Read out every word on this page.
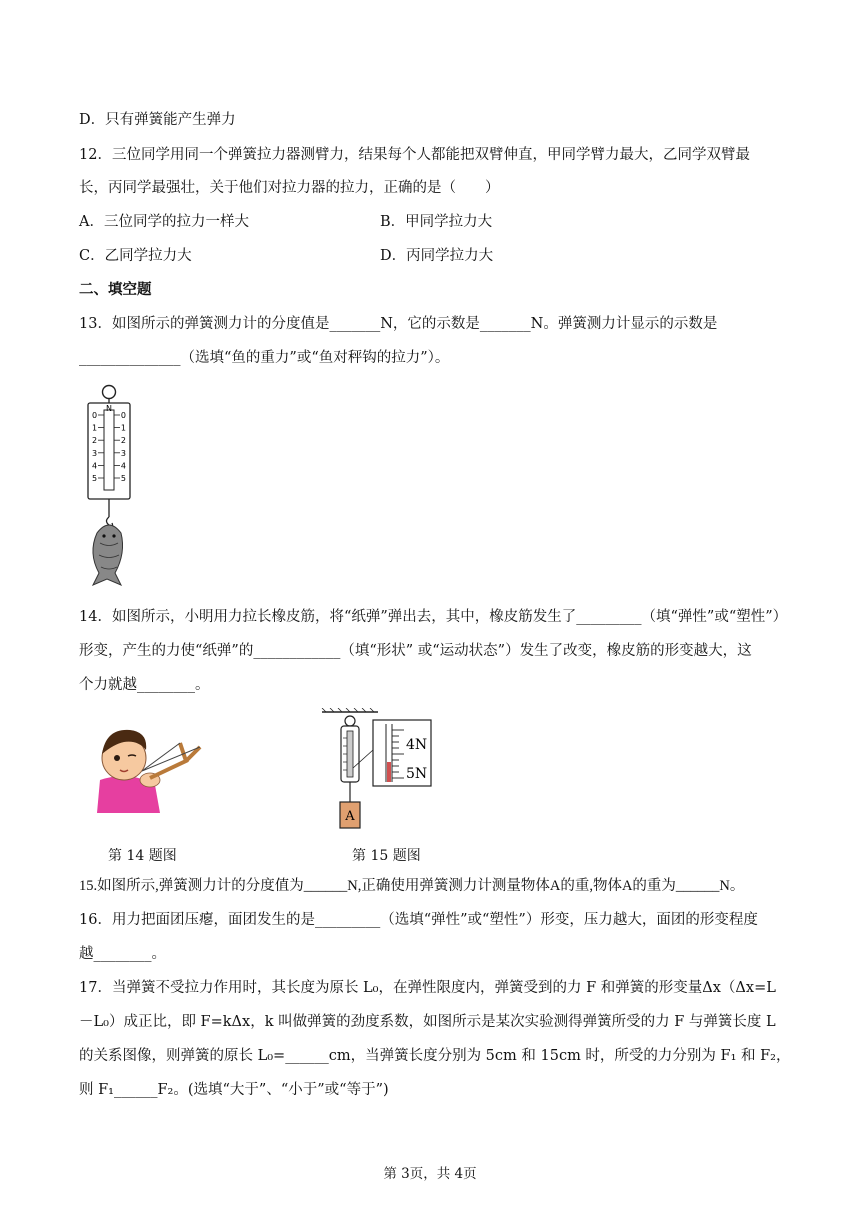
D．只有弹簧能产生弹力
12．三位同学用同一个弹簧拉力器测臂力，结果每个人都能把双臂伸直，甲同学臂力最大，乙同学双臂最
长，丙同学最强壮，关于他们对拉力器的拉力，正确的是（　　）
A．三位同学的拉力一样大	B．甲同学拉力大
C．乙同学拉力大	D．丙同学拉力大
二、填空题
13．如图所示的弹簧测力计的分度值是_______N，它的示数是_______N。弹簧测力计显示的示数是
______________（选填“鱼的重力”或“鱼对秤钩的拉力”）。
N
0	0
1	1
2	2
3	3
4	4
5	5
14．如图所示，小明用力拉长橡皮筋，将“纸弹”弹出去，其中，橡皮筋发生了_________（填“弹性”或“塑性”）
形变，产生的力使“纸弹”的____________（填“形状” 或“运动状态”）发生了改变，橡皮筋的形变越大，这
个力就越________。
A
4N
5N
第 14 题图	第 15 题图
15.如图所示,弹簧测力计的分度值为______N,正确使用弹簧测力计测量物体A的重,物体A的重为______N。
16．用力把面团压瘪，面团发生的是_________（选填“弹性”或“塑性”）形变，压力越大，面团的形变程度
越________。
17．当弹簧不受拉力作用时，其长度为原长 L₀，在弹性限度内，弹簧受到的力 F 和弹簧的形变量Δx（Δx=L
－L₀）成正比，即 F=kΔx，k 叫做弹簧的劲度系数，如图所示是某次实验测得弹簧所受的力 F 与弹簧长度 L
的关系图像，则弹簧的原长 L₀=______cm，当弹簧长度分别为 5cm 和 15cm 时，所受的力分别为 F₁ 和 F₂，
则 F₁______F₂。(选填“大于”、“小于”或“等于”)
第 3页，共 4页
